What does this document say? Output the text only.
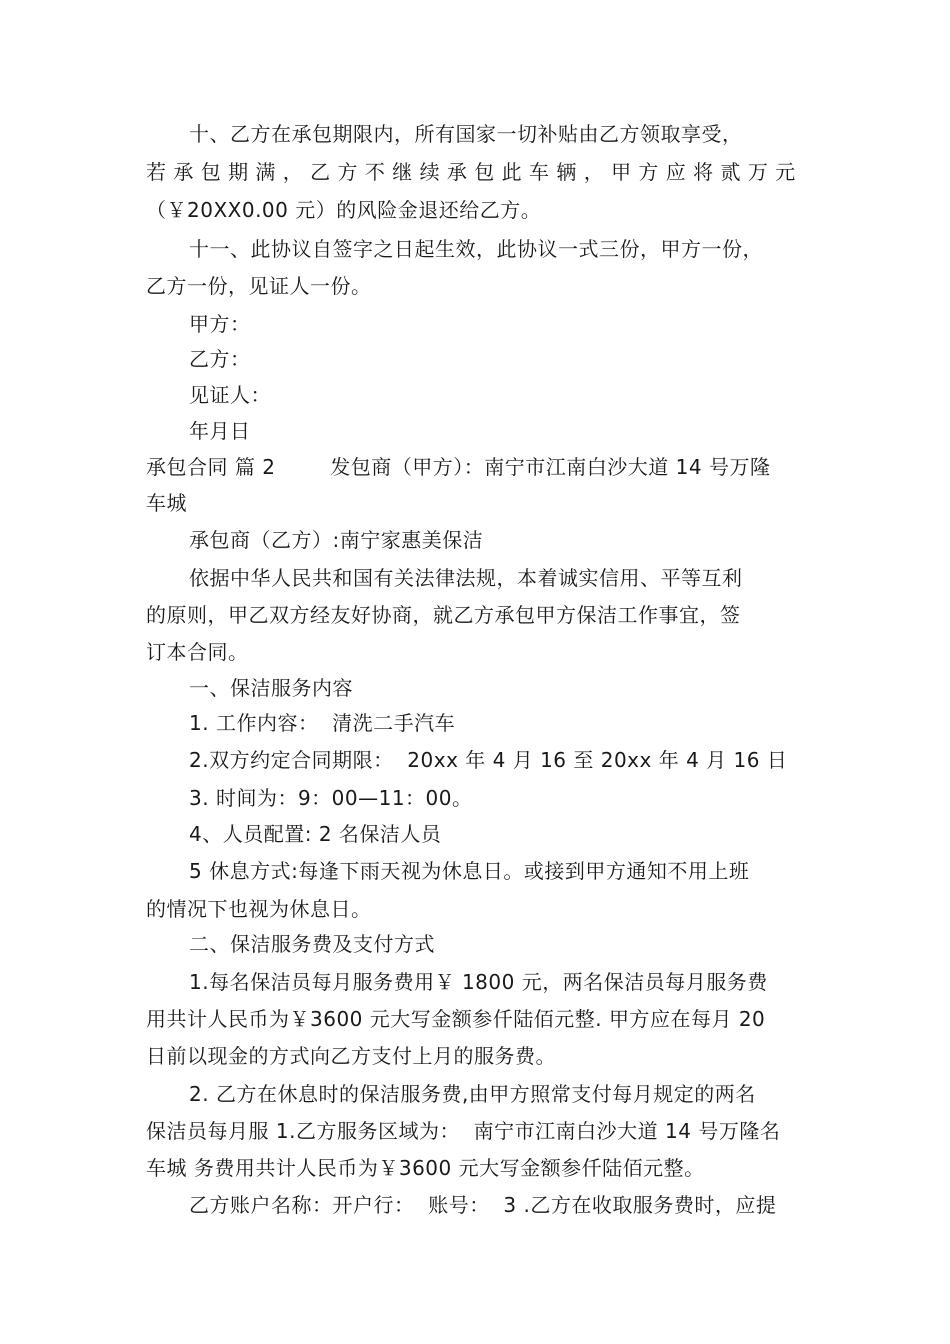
十、乙方在承包期限内，所有国家一切补贴由乙方领取享受，
若 承 包 期 满 ， 乙 方 不 继 续 承 包 此 车 辆 ， 甲 方 应 将 贰 万 元
（￥20XX0.00 元）的风险金退还给乙方。
十一、此协议自签字之日起生效，此协议一式三份，甲方一份，
乙方一份，见证人一份。
甲方：
乙方：
见证人：
年月日
承包合同 篇 2        发包商（甲方）：南宁市江南白沙大道 14 号万隆
车城
承包商（乙方）:南宁家惠美保洁
依据中华人民共和国有关法律法规，本着诚实信用、平等互利
的原则，甲乙双方经友好协商，就乙方承包甲方保洁工作事宜，签
订本合同。
一、保洁服务内容
1. 工作内容：  清洗二手汽车
2.双方约定合同期限：  20xx 年 4 月 16 至 20xx 年 4 月 16 日
3. 时间为：9：00—11：00。
4、人员配置: 2 名保洁人员
5 休息方式:每逢下雨天视为休息日。或接到甲方通知不用上班
的情况下也视为休息日。
二、保洁服务费及支付方式
1.每名保洁员每月服务费用￥ 1800 元，两名保洁员每月服务费
用共计人民币为￥3600 元大写金额参仟陆佰元整. 甲方应在每月 20
日前以现金的方式向乙方支付上月的服务费。
2. 乙方在休息时的保洁服务费,由甲方照常支付每月规定的两名
保洁员每月服 1.乙方服务区域为：  南宁市江南白沙大道 14 号万隆名
车城 务费用共计人民币为￥3600 元大写金额参仟陆佰元整。
乙方账户名称：开户行：  账号：  3 .乙方在收取服务费时，应提
